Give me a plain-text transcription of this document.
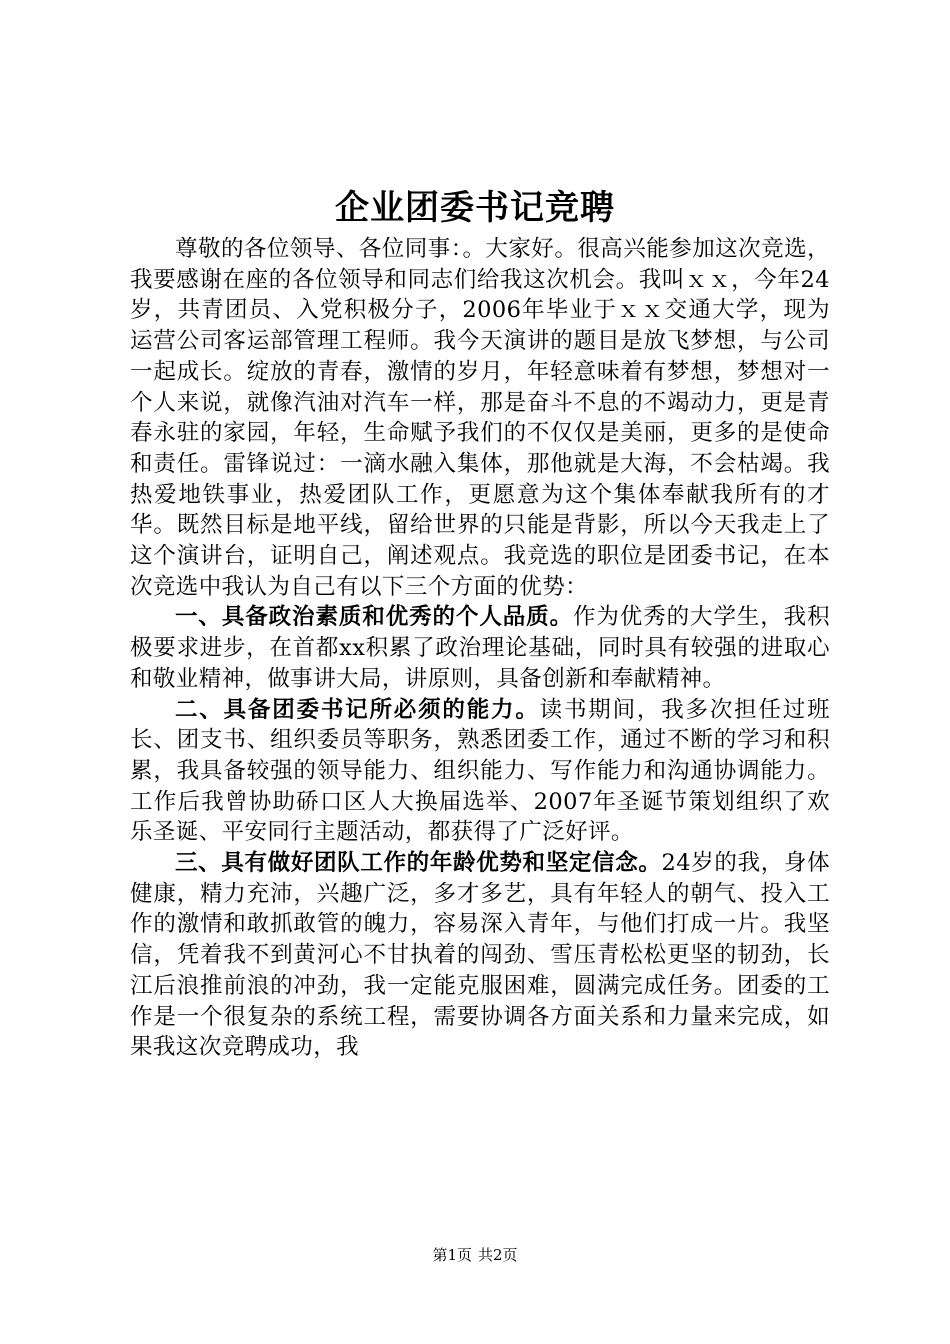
企业团委书记竞聘

尊敬的各位领导、各位同事：。大家好。很高兴能参加这次竞选，我要感谢在座的各位领导和同志们给我这次机会。我叫ｘｘ，今年24岁，共青团员、入党积极分子，2006年毕业于ｘｘ交通大学，现为运营公司客运部管理工程师。我今天演讲的题目是放飞梦想，与公司一起成长。绽放的青春，激情的岁月，年轻意味着有梦想，梦想对一个人来说，就像汽油对汽车一样，那是奋斗不息的不竭动力，更是青春永驻的家园，年轻，生命赋予我们的不仅仅是美丽，更多的是使命和责任。雷锋说过：一滴水融入集体，那他就是大海，不会枯竭。我热爱地铁事业，热爱团队工作，更愿意为这个集体奉献我所有的才华。既然目标是地平线，留给世界的只能是背影，所以今天我走上了这个演讲台，证明自己，阐述观点。我竞选的职位是团委书记，在本次竞选中我认为自己有以下三个方面的优势：

一、具备政治素质和优秀的个人品质。作为优秀的大学生，我积极要求进步，在首都xx积累了政治理论基础，同时具有较强的进取心和敬业精神，做事讲大局，讲原则，具备创新和奉献精神。

二、具备团委书记所必须的能力。读书期间，我多次担任过班长、团支书、组织委员等职务，熟悉团委工作，通过不断的学习和积累，我具备较强的领导能力、组织能力、写作能力和沟通协调能力。工作后我曾协助硚口区人大换届选举、2007年圣诞节策划组织了欢乐圣诞、平安同行主题活动，都获得了广泛好评。

三、具有做好团队工作的年龄优势和坚定信念。24岁的我，身体健康，精力充沛，兴趣广泛，多才多艺，具有年轻人的朝气、投入工作的激情和敢抓敢管的魄力，容易深入青年，与他们打成一片。我坚信，凭着我不到黄河心不甘执着的闯劲、雪压青松松更坚的韧劲，长江后浪推前浪的冲劲，我一定能克服困难，圆满完成任务。团委的工作是一个很复杂的系统工程，需要协调各方面关系和力量来完成，如果我这次竞聘成功，我

第1页 共2页
